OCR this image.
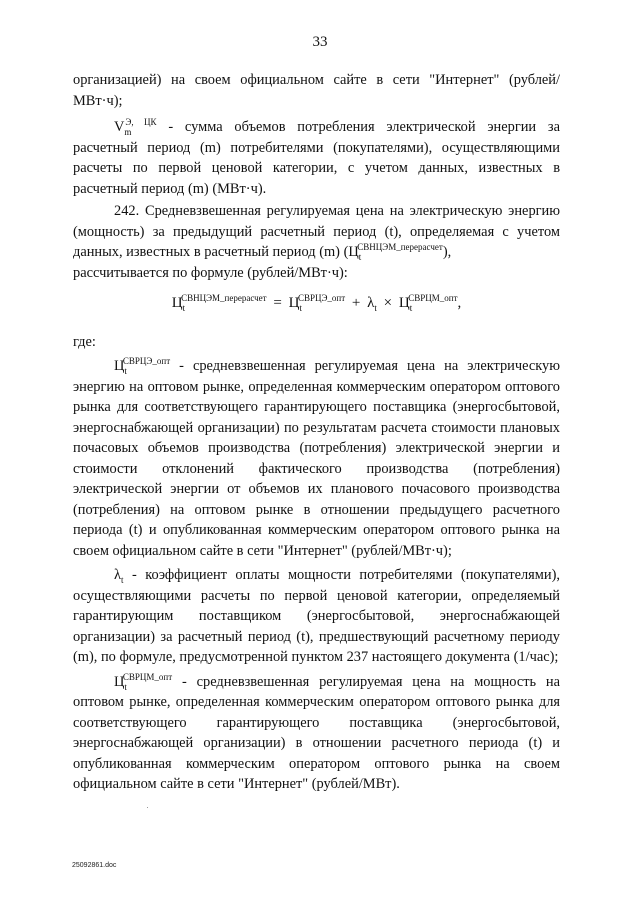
33

организацией) на своем официальном сайте в сети "Интернет" (рублей/МВт·ч);

$V_m^{Э, ЦК}$ - сумма объемов потребления электрической энергии за расчетный период (m) потребителями (покупателями), осуществляющими расчеты по первой ценовой категории, с учетом данных, известных в расчетный период (m) (МВт·ч).

242. Средневзвешенная регулируемая цена на электрическую энергию (мощность) за предыдущий расчетный период (t), определяемая с учетом данных, известных в расчетный период (m) $(Ц_t^{СВНЦЭМ\_перерасчет})$,

рассчитывается по формуле (рублей/МВт·ч):

$Ц_t^{СВНЦЭМ\_перерасчет} = Ц_t^{СВРЦЭ\_опт} + \lambda_t \times Ц_t^{СВРЦМ\_опт}$,

где:

$Ц_t^{СВРЦЭ\_опт}$ - средневзвешенная регулируемая цена на электрическую энергию на оптовом рынке, определенная коммерческим оператором оптового рынка для соответствующего гарантирующего поставщика (энергосбытовой, энергоснабжающей организации) по результатам расчета стоимости плановых почасовых объемов производства (потребления) электрической энергии и стоимости отклонений фактического производства (потребления) электрической энергии от объемов их планового почасового производства (потребления) на оптовом рынке в отношении предыдущего расчетного периода (t) и опубликованная коммерческим оператором оптового рынка на своем официальном сайте в сети "Интернет" (рублей/МВт·ч);

$\lambda_t$ - коэффициент оплаты мощности потребителями (покупателями), осуществляющими расчеты по первой ценовой категории, определяемый гарантирующим поставщиком (энергосбытовой, энергоснабжающей организации) за расчетный период (t), предшествующий расчетному периоду (m), по формуле, предусмотренной пунктом 237 настоящего документа (1/час);

$Ц_t^{СВРЦМ\_опт}$ - средневзвешенная регулируемая цена на мощность на оптовом рынке, определенная коммерческим оператором оптового рынка для соответствующего гарантирующего поставщика (энергосбытовой, энергоснабжающей организации) в отношении расчетного периода (t) и опубликованная коммерческим оператором оптового рынка на своем официальном сайте в сети "Интернет" (рублей/МВт).

25092861.doc
